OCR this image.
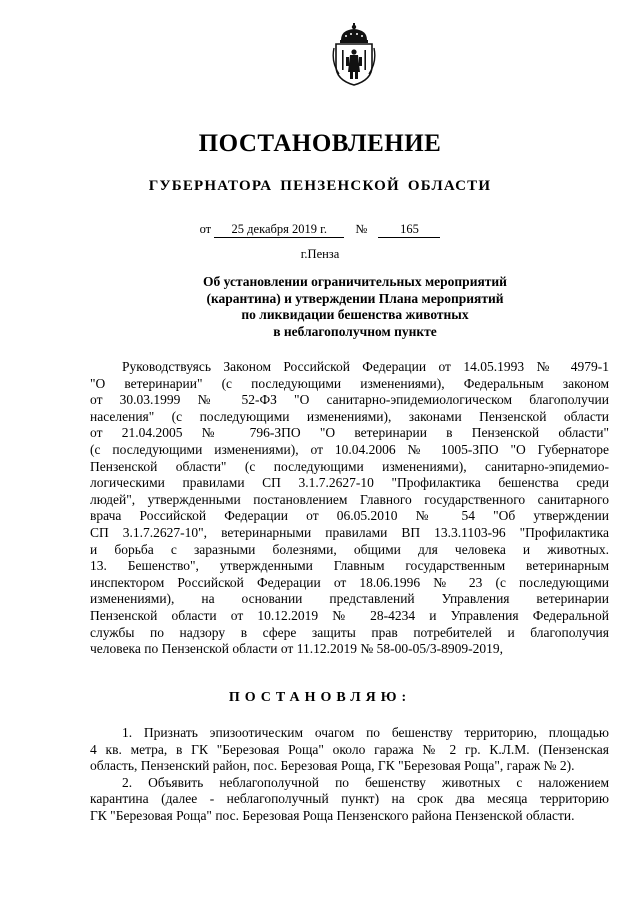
ПОСТАНОВЛЕНИЕ
ГУБЕРНАТОРА ПЕНЗЕНСКОЙ ОБЛАСТИ
от 25 декабря 2019 г. №	165
г.Пенза
Об установлении ограничительных мероприятий
(карантина) и утверждении Плана мероприятий
по ликвидации бешенства животных
в неблагополучном пункте
Руководствуясь Законом Российской Федерации от 14.05.1993 № 4979-1
"О ветеринарии" (с последующими изменениями), Федеральным законом
от 30.03.1999 № 52-ФЗ "О санитарно-эпидемиологическом благополучии
населения" (с последующими изменениями), законами Пензенской области
от 21.04.2005 № 796-ЗПО "О ветеринарии в Пензенской области"
(с последующими изменениями), от 10.04.2006 № 1005-ЗПО "О Губернаторе
Пензенской области" (с последующими изменениями), санитарно-эпидемио-
логическими правилами СП 3.1.7.2627-10 "Профилактика бешенства среди
людей", утвержденными постановлением Главного государственного санитарного
врача Российской Федерации от 06.05.2010 № 54 "Об утверждении
СП 3.1.7.2627-10", ветеринарными правилами ВП 13.3.1103-96 "Профилактика
и борьба с заразными болезнями, общими для человека и животных.
13. Бешенство", утвержденными Главным государственным ветеринарным
инспектором Российской Федерации от 18.06.1996 № 23 (с последующими
изменениями), на основании представлений Управления ветеринарии
Пензенской области от 10.12.2019 № 28-4234 и Управления Федеральной
службы по надзору в сфере защиты прав потребителей и благополучия
человека по Пензенской области от 11.12.2019 № 58-00-05/3-8909-2019,
ПОСТАНОВЛЯЮ:
1. Признать эпизоотическим очагом по бешенству территорию, площадью
4 кв. метра, в ГК "Березовая Роща" около гаража № 2 гр. К.Л.М. (Пензенская
область, Пензенский район, пос. Березовая Роща, ГК "Березовая Роща", гараж № 2).
2. Объявить неблагополучной по бешенству животных с наложением
карантина (далее - неблагополучный пункт) на срок два месяца территорию
ГК "Березовая Роща" пос. Березовая Роща Пензенского района Пензенской области.
